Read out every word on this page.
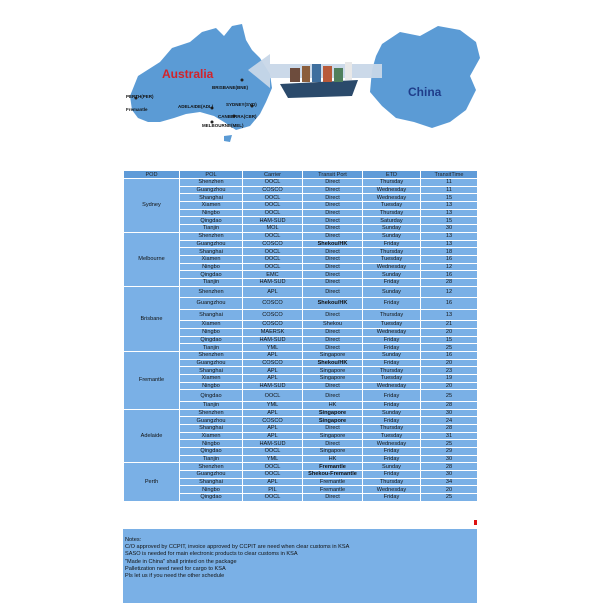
Australia
China
BRISBANE(BNE)
PERTH(PER)
Fremantle
ADELAIDE(ADL)	SYDNEY(SYD)
CANBERRA(CBR)
MELBOURNE(MEL)
POD	POL	Carrier	Transit Port	ETD	TransitTime
Sydney	Shenzhen	OOCL	Direct	Thursday	11
	Guangzhou	COSCO	Direct	Wednesday	11
	Shanghai	OOCL	Direct	Wednesday	15
	Xiamen	OOCL	Direct	Tuesday	13
	Ningbo	OOCL	Direct	Thursday	13
	Qingdao	HAM-SUD	Direct	Saturday	15
	Tianjin	MOL	Direct	Sunday	30
Melbourne	Shenzhen	OOCL	Direct	Sunday	13
	Guangzhou	COSCO	Shekou/HK	Friday	13
	Shanghai	OOCL	Direct	Thursday	18
	Xiamen	OOCL	Direct	Tuesday	16
	Ningbo	OOCL	Direct	Wednesday	12
	Qingdao	EMC	Direct	Sunday	16
	Tianjin	HAM-SUD	Direct	Friday	28
Brisbane	Shenzhen	APL	Direct	Sunday	12
	Guangzhou	COSCO	Shekou/HK	Friday	16
	Shanghai	COSCO	Direct	Thursday	13
	Xiamen	COSCO	Shekou	Tuesday	21
	Ningbo	MAERSK	Direct	Wednesday	20
	Qingdao	HAM-SUD	Direct	Friday	15
	Tianjin	YML	Direct	Friday	25
Fremantle	Shenzhen	APL	Singapore	Sunday	16
	Guangzhou	COSCO	Shekou/HK	Friday	20
	Shanghai	APL	Singapore	Thursday	23
	Xiamen	APL	Singapore	Tuesday	19
	Ningbo	HAM-SUD	Direct	Wednesday	20
	Qingdao	OOCL	Direct	Friday	25
	Tianjin	YML	HK	Friday	28
Adelaide	Shenzhen	APL	Singapore	Sunday	30
	Guangzhou	COSCO	Singapore	Friday	24
	Shanghai	APL	Direct	Thursday	28
	Xiamen	APL	Singapore	Tuesday	31
	Ningbo	HAM-SUD	Direct	Wednesday	25
	Qingdao	OOCL	Singapore	Friday	29
	Tianjin	YML	HK	Friday	30
Perth	Shenzhen	OOCL	Fremantle	Sunday	28
	Guangzhou	OOCL	Shekou-Fremantle	Friday	30
	Shanghai	APL	Fremantle	Thursday	34
	Ningbo	PIL	Fremantle	Wednesday	20
	Qingdao	OOCL	Direct	Friday	25
Notes:
C/O approved by CCPIT, invoice approved by CCPIT are need when clear customs in KSA
SASO is needed for main electronic products to clear customs in KSA
"Made in China" shall printed on the package
Palletization need need for cargo to KSA
Pls let us if you need the other schedule
